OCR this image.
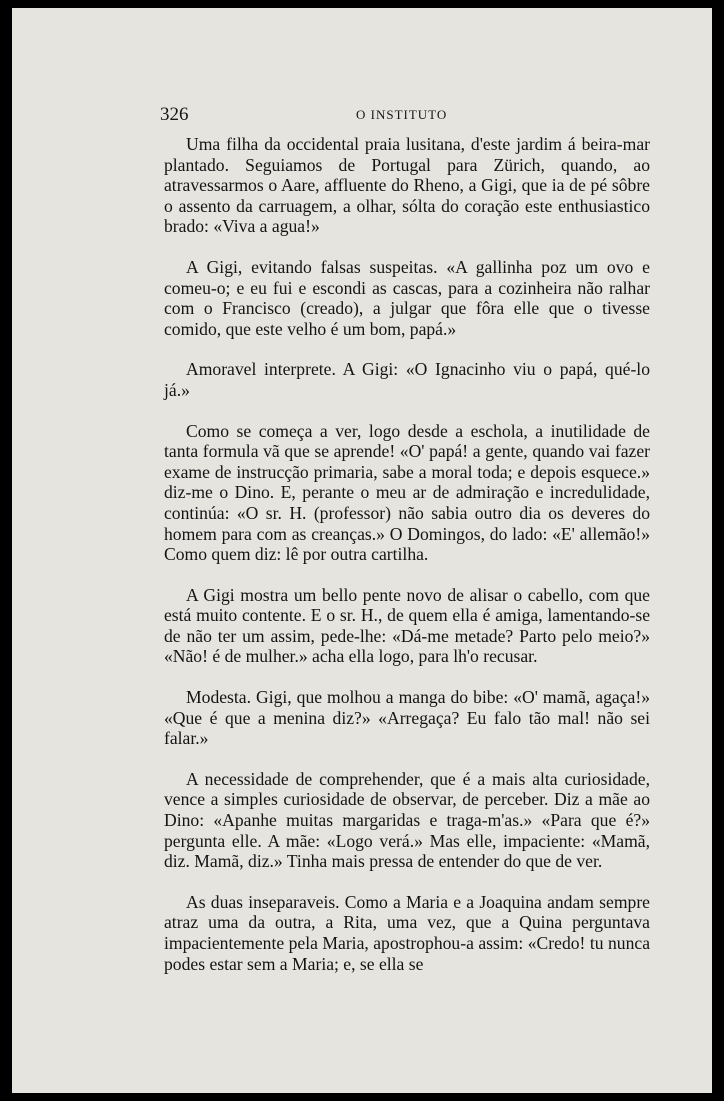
326	O INSTITUTO

Uma filha da occidental praia lusitana, d'este jardim á beira-mar plantado. Seguiamos de Portugal para Zürich, quando, ao atravessarmos o Aare, affluente do Rheno, a Gigi, que ia de pé sôbre o assento da carruagem, a olhar, sólta do coração este enthusiastico brado: «Viva a agua!»

A Gigi, evitando falsas suspeitas. «A gallinha poz um ovo e comeu-o; e eu fui e escondi as cascas, para a cozinheira não ralhar com o Francisco (creado), a julgar que fôra elle que o tivesse comido, que este velho é um bom, papá.»

Amoravel interprete. A Gigi: «O Ignacinho viu o papá, qué-lo já.»

Como se começa a ver, logo desde a eschola, a inutilidade de tanta formula vã que se aprende! «O' papá! a gente, quando vai fazer exame de instrucção primaria, sabe a moral toda; e depois esquece.» diz-me o Dino. E, perante o meu ar de admiração e incredulidade, continúa: «O sr. H. (professor) não sabia outro dia os deveres do homem para com as creanças.» O Domingos, do lado: «E' allemão!» Como quem diz: lê por outra cartilha.

A Gigi mostra um bello pente novo de alisar o cabello, com que está muito contente. E o sr. H., de quem ella é amiga, lamentando-se de não ter um assim, pede-lhe: «Dá-me metade? Parto pelo meio?» «Não! é de mulher.» acha ella logo, para lh'o recusar.

Modesta. Gigi, que molhou a manga do bibe: «O' mamã, agaça!» «Que é que a menina diz?» «Arregaça? Eu falo tão mal! não sei falar.»

A necessidade de comprehender, que é a mais alta curiosidade, vence a simples curiosidade de observar, de perceber. Diz a mãe ao Dino: «Apanhe muitas margaridas e traga-m'as.» «Para que é?» pergunta elle. A mãe: «Logo verá.» Mas elle, impaciente: «Mamã, diz. Mamã, diz.» Tinha mais pressa de entender do que de ver.

As duas inseparaveis. Como a Maria e a Joaquina andam sempre atraz uma da outra, a Rita, uma vez, que a Quina perguntava impacientemente pela Maria, apostrophou-a assim: «Credo! tu nunca podes estar sem a Maria; e, se ella se
